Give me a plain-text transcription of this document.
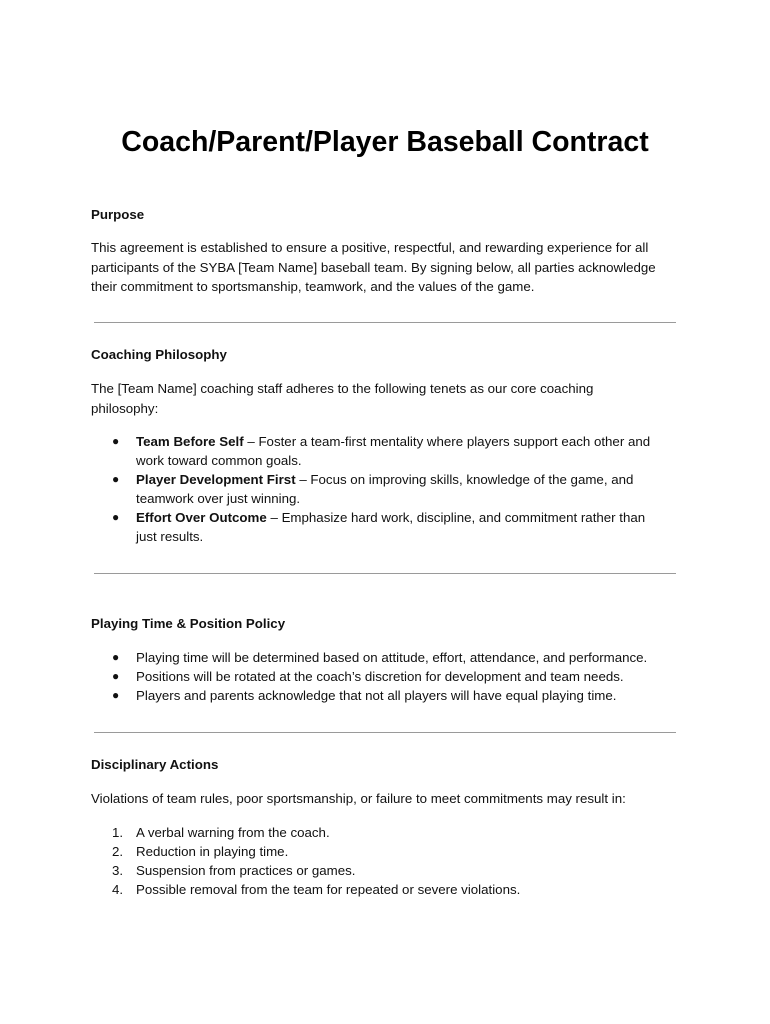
Coach/Parent/Player Baseball Contract
Purpose
This agreement is established to ensure a positive, respectful, and rewarding experience for all
participants of the SYBA [Team Name] baseball team. By signing below, all parties acknowledge
their commitment to sportsmanship, teamwork, and the values of the game.
Coaching Philosophy
The [Team Name] coaching staff adheres to the following tenets as our core coaching
philosophy:
● Team Before Self – Foster a team-first mentality where players support each other and
work toward common goals.
● Player Development First – Focus on improving skills, knowledge of the game, and
teamwork over just winning.
● Effort Over Outcome – Emphasize hard work, discipline, and commitment rather than
just results.
Playing Time & Position Policy
● Playing time will be determined based on attitude, effort, attendance, and performance.
● Positions will be rotated at the coach’s discretion for development and team needs.
● Players and parents acknowledge that not all players will have equal playing time.
Disciplinary Actions
Violations of team rules, poor sportsmanship, or failure to meet commitments may result in:
1. A verbal warning from the coach.
2. Reduction in playing time.
3. Suspension from practices or games.
4. Possible removal from the team for repeated or severe violations.
